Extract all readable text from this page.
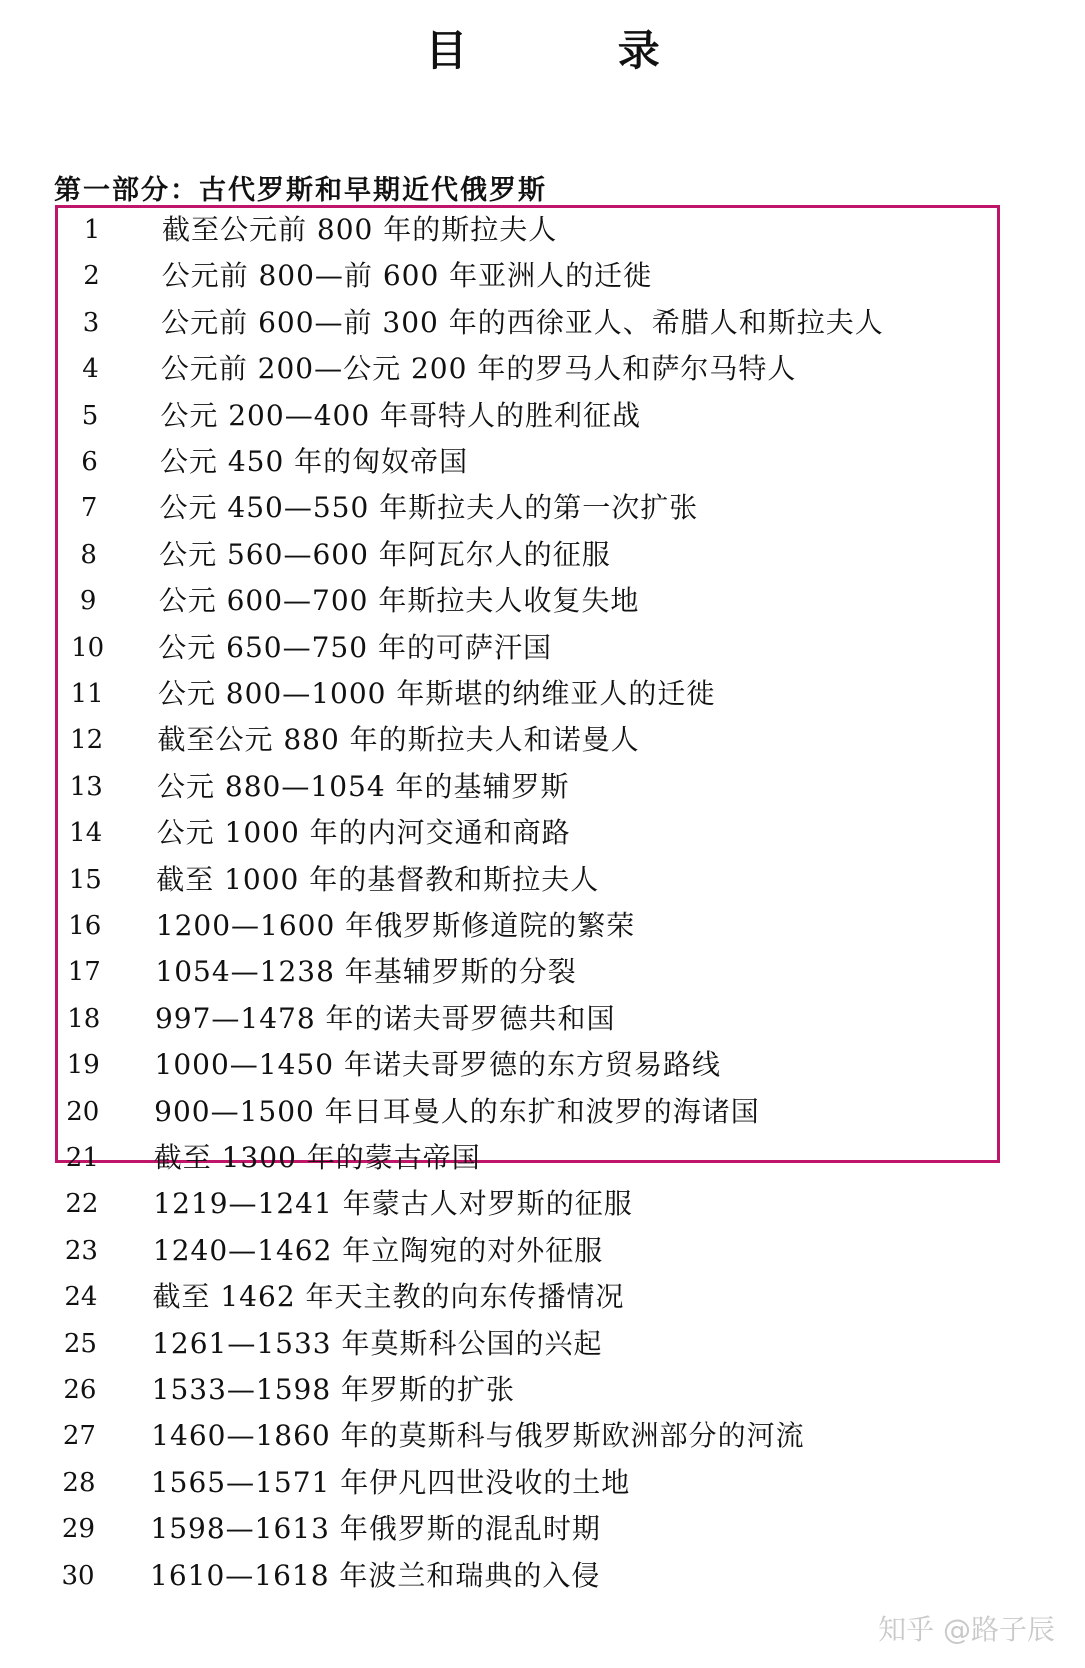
目 录
第一部分：古代罗斯和早期近代俄罗斯
1	截至公元前 800 年的斯拉夫人
2	公元前 800—前 600 年亚洲人的迁徙
3	公元前 600—前 300 年的西徐亚人、希腊人和斯拉夫人
4	公元前 200—公元 200 年的罗马人和萨尔马特人
5	公元 200—400 年哥特人的胜利征战
6	公元 450 年的匈奴帝国
7	公元 450—550 年斯拉夫人的第一次扩张
8	公元 560—600 年阿瓦尔人的征服
9	公元 600—700 年斯拉夫人收复失地
10	公元 650—750 年的可萨汗国
11	公元 800—1000 年斯堪的纳维亚人的迁徙
12	截至公元 880 年的斯拉夫人和诺曼人
13	公元 880—1054 年的基辅罗斯
14	公元 1000 年的内河交通和商路
15	截至 1000 年的基督教和斯拉夫人
16	1200—1600 年俄罗斯修道院的繁荣
17	1054—1238 年基辅罗斯的分裂
18	997—1478 年的诺夫哥罗德共和国
19	1000—1450 年诺夫哥罗德的东方贸易路线
20	900—1500 年日耳曼人的东扩和波罗的海诸国
21	截至 1300 年的蒙古帝国
22	1219—1241 年蒙古人对罗斯的征服
23	1240—1462 年立陶宛的对外征服
24	截至 1462 年天主教的向东传播情况
25	1261—1533 年莫斯科公国的兴起
26	1533—1598 年罗斯的扩张
27	1460—1860 年的莫斯科与俄罗斯欧洲部分的河流
28	1565—1571 年伊凡四世没收的土地
29	1598—1613 年俄罗斯的混乱时期
30	1610—1618 年波兰和瑞典的入侵
知乎 @路子辰
